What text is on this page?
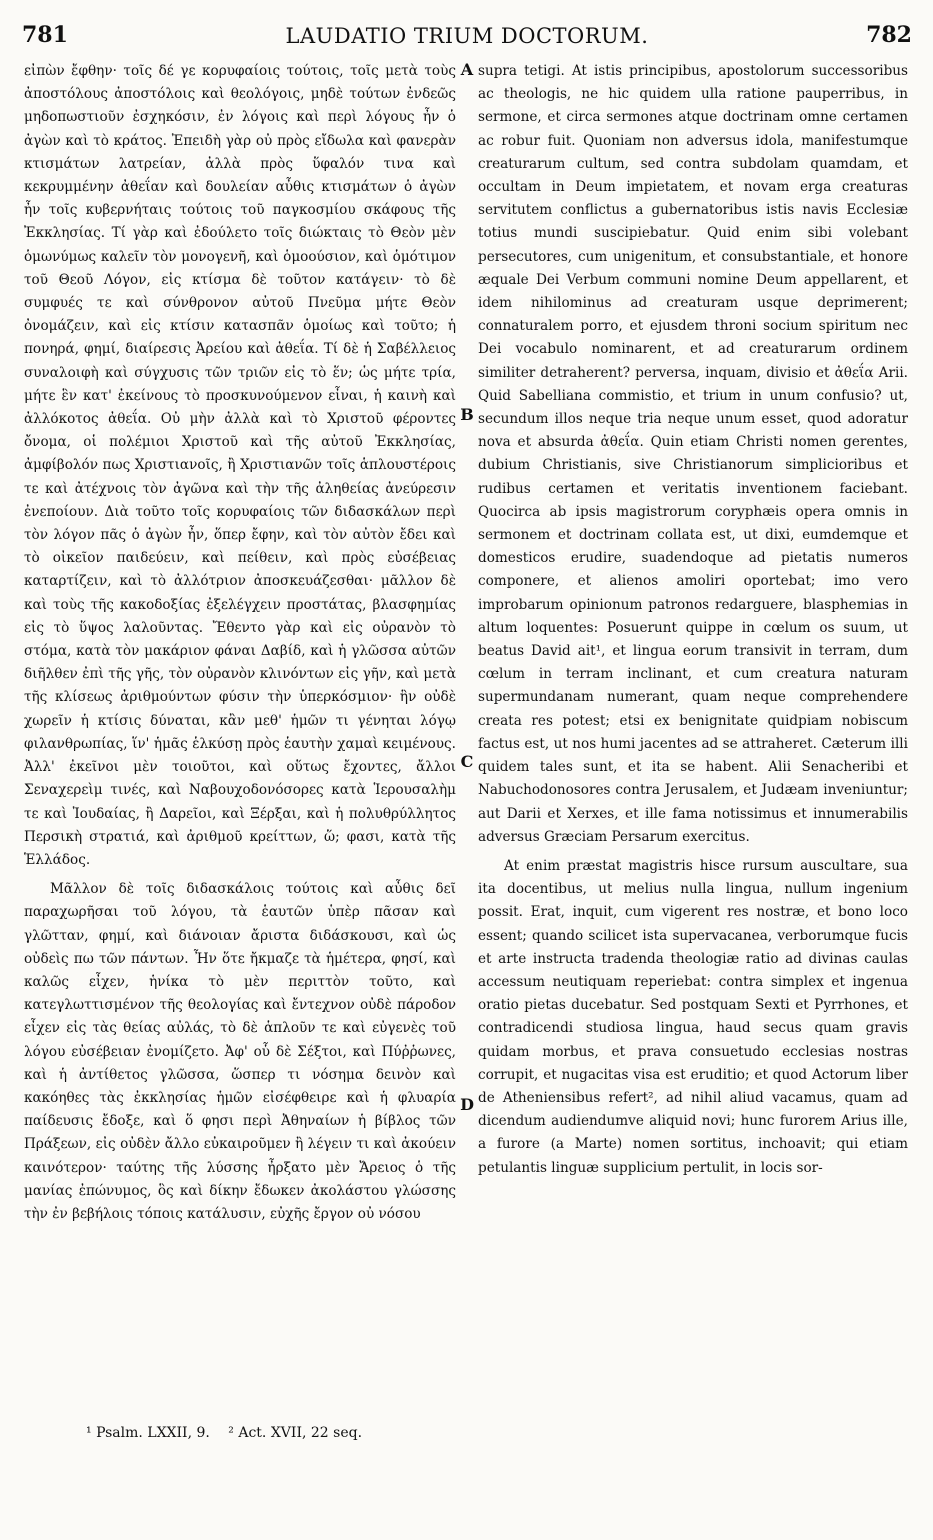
781	LAUDATIO TRIUM DOCTORUM.	782

εἰπὼν ἔφθην· τοῖς δέ γε κορυφαίοις τούτοις, τοῖς μετὰ τοὺς ἀποστόλους ἀποστόλοις καὶ θεολόγοις, μηδὲ τούτων ἐνδεῶς μηδοπωστιοῦν ἐσχηκόσιν, ἐν λόγοις καὶ περὶ λόγους ἦν ὁ ἀγὼν καὶ τὸ κράτος. Ἐπειδὴ γὰρ οὐ πρὸς εἴδωλα καὶ φανερὰν κτισμάτων λατρείαν, ἀλλὰ πρὸς ὕφαλόν τινα καὶ κεκρυμμένην ἀθεΐαν καὶ δουλείαν αὖθις κτισμάτων ὁ ἀγὼν ἦν τοῖς κυβερνήταις τούτοις τοῦ παγκοσμίου σκάφους τῆς Ἐκκλησίας. Τί γὰρ καὶ ἐδούλετο τοῖς διώκταις τὸ Θεὸν μὲν ὁμωνύμως καλεῖν τὸν μονογενῆ, καὶ ὁμοούσιον, καὶ ὁμότιμον τοῦ Θεοῦ Λόγον, εἰς κτίσμα δὲ τοῦτον κατάγειν· τὸ δὲ συμφυές τε καὶ σύνθρονον αὐτοῦ Πνεῦμα μήτε Θεὸν ὀνομάζειν, καὶ εἰς κτίσιν κατασπᾶν ὁμοίως καὶ τοῦτο; ἡ πονηρά, φημί, διαίρεσις Ἀρείου καὶ ἀθεΐα. Τί δὲ ἡ Σαβέλλειος συναλοιφὴ καὶ σύγχυσις τῶν τριῶν εἰς τὸ ἕν; ὡς μήτε τρία, μήτε ἓν κατ' ἐκείνους τὸ προσκυνούμενον εἶναι, ἡ καινὴ καὶ ἀλλόκοτος ἀθεΐα. Οὐ μὴν ἀλλὰ καὶ τὸ Χριστοῦ φέροντες ὄνομα, οἱ πολέμιοι Χριστοῦ καὶ τῆς αὐτοῦ Ἐκκλησίας, ἀμφίβολόν πως Χριστιανοῖς, ἢ Χριστιανῶν τοῖς ἁπλουστέροις τε καὶ ἀτέχνοις τὸν ἀγῶνα καὶ τὴν τῆς ἀληθείας ἀνεύρεσιν ἐνεποίουν. Διὰ τοῦτο τοῖς κορυφαίοις τῶν διδασκάλων περὶ τὸν λόγον πᾶς ὁ ἀγὼν ἦν, ὅπερ ἔφην, καὶ τὸν αὐτὸν ἔδει καὶ τὸ οἰκεῖον παιδεύειν, καὶ πείθειν, καὶ πρὸς εὐσέβειας καταρτίζειν, καὶ τὸ ἀλλότριον ἀποσκευάζεσθαι· μᾶλλον δὲ καὶ τοὺς τῆς κακοδοξίας ἐξελέγχειν προστάτας, βλασφημίας εἰς τὸ ὕψος λαλοῦντας. Ἔθεντο γὰρ καὶ εἰς οὐρανὸν τὸ στόμα, κατὰ τὸν μακάριον φάναι Δαβίδ, καὶ ἡ γλῶσσα αὐτῶν διῆλθεν ἐπὶ τῆς γῆς, τὸν οὐρανὸν κλινόντων εἰς γῆν, καὶ μετὰ τῆς κλίσεως ἀριθμούντων φύσιν τὴν ὑπερκόσμιον· ἣν οὐδὲ χωρεῖν ἡ κτίσις δύναται, κἂν μεθ' ἡμῶν τι γένηται λόγῳ φιλανθρωπίας, ἵν' ἡμᾶς ἑλκύσῃ πρὸς ἑαυτὴν χαμαὶ κειμένους. Ἀλλ' ἐκεῖνοι μὲν τοιοῦτοι, καὶ οὕτως ἔχοντες, ἄλλοι Σεναχερεὶμ τινές, καὶ Ναβουχοδονόσορες κατὰ Ἱερουσαλὴμ τε καὶ Ἰουδαίας, ἢ Δαρεῖοι, καὶ Ξέρξαι, καὶ ἡ πολυθρύλλητος Περσικὴ στρατιά, καὶ ἀριθμοῦ κρείττων, ὥ; φασι, κατὰ τῆς Ἑλλάδος.

Μᾶλλον δὲ τοῖς διδασκάλοις τούτοις καὶ αὖθις δεῖ παραχωρῆσαι τοῦ λόγου, τὰ ἑαυτῶν ὑπὲρ πᾶσαν καὶ γλῶτταν, φημί, καὶ διάνοιαν ἄριστα διδάσκουσι, καὶ ὡς οὐδεὶς πω τῶν πάντων. Ἦν ὅτε ἤκμαζε τὰ ἡμέτερα, φησί, καὶ καλῶς εἶχεν, ἡνίκα τὸ μὲν περιττὸν τοῦτο, καὶ κατεγλωττισμένον τῆς θεολογίας καὶ ἔντεχνον οὐδὲ πάροδον εἶχεν εἰς τὰς θείας αὐλάς, τὸ δὲ ἁπλοῦν τε καὶ εὐγενὲς τοῦ λόγου εὐσέβειαν ἐνομίζετο. Ἀφ' οὗ δὲ Σέξτοι, καὶ Πύῤῥωνες, καὶ ἡ ἀντίθετος γλῶσσα, ὥσπερ τι νόσημα δεινὸν καὶ κακόηθες τὰς ἐκκλησίας ἡμῶν εἰσέφθειρε καὶ ἡ φλυαρία παίδευσις ἔδοξε, καὶ ὅ φησι περὶ Ἀθηναίων ἡ βίβλος τῶν Πράξεων, εἰς οὐδὲν ἄλλο εὐκαιροῦμεν ἢ λέγειν τι καὶ ἀκούειν καινότερον· ταύτης τῆς λύσσης ἦρξατο μὲν Ἄρειος ὁ τῆς μανίας ἐπώνυμος, ὃς καὶ δίκην ἔδωκεν ἀκολάστου γλώσσης τὴν ἐν βεβήλοις τόποις κατάλυσιν, εὐχῆς ἔργον οὐ νόσου

A
B
C
D

supra tetigi. At istis principibus, apostolorum successoribus ac theologis, ne hic quidem ulla ratione pauperribus, in sermone, et circa sermones atque doctrinam omne certamen ac robur fuit. Quoniam non adversus idola, manifestumque creaturarum cultum, sed contra subdolam quamdam, et occultam in Deum impietatem, et novam erga creaturas servitutem conflictus a gubernatoribus istis navis Ecclesiæ totius mundi suscipiebatur. Quid enim sibi volebant persecutores, cum unigenitum, et consubstantiale, et honore æquale Dei Verbum communi nomine Deum appellarent, et idem nihilominus ad creaturam usque deprimerent; connaturalem porro, et ejusdem throni socium spiritum nec Dei vocabulo nominarent, et ad creaturarum ordinem similiter detraherent? perversa, inquam, divisio et ἀθεΐα Arii. Quid Sabelliana commistio, et trium in unum confusio? ut, secundum illos neque tria neque unum esset, quod adoratur nova et absurda ἀθεΐα. Quin etiam Christi nomen gerentes, dubium Christianis, sive Christianorum simplicioribus et rudibus certamen et veritatis inventionem faciebant. Quocirca ab ipsis magistrorum coryphæis opera omnis in sermonem et doctrinam collata est, ut dixi, eumdemque et domesticos erudire, suadendoque ad pietatis numeros componere, et alienos amoliri oportebat; imo vero improbarum opinionum patronos redarguere, blasphemias in altum loquentes: Posuerunt quippe in cœlum os suum, ut beatus David ait¹, et lingua eorum transivit in terram, dum cœlum in terram inclinant, et cum creatura naturam supermundanam numerant, quam neque comprehendere creata res potest; etsi ex benignitate quidpiam nobiscum factus est, ut nos humi jacentes ad se attraheret. Cæterum illi quidem tales sunt, et ita se habent. Alii Senacheribi et Nabuchodonosores contra Jerusalem, et Judæam inveniuntur; aut Darii et Xerxes, et ille fama notissimus et innumerabilis adversus Græciam Persarum exercitus.

At enim præstat magistris hisce rursum auscultare, sua ita docentibus, ut melius nulla lingua, nullum ingenium possit. Erat, inquit, cum vigerent res nostræ, et bono loco essent; quando scilicet ista supervacanea, verborumque fucis et arte instructa tradenda theologiæ ratio ad divinas caulas accessum neutiquam reperiebat: contra simplex et ingenua oratio pietas ducebatur. Sed postquam Sexti et Pyrrhones, et contradicendi studiosa lingua, haud secus quam gravis quidam morbus, et prava consuetudo ecclesias nostras corrupit, et nugacitas visa est eruditio; et quod Actorum liber de Atheniensibus refert², ad nihil aliud vacamus, quam ad dicendum audiendumve aliquid novi; hunc furorem Arius ille, a furore (a Marte) nomen sortitus, inchoavit; qui etiam petulantis linguæ supplicium pertulit, in locis sor-

¹ Psalm. LXXII, 9. ² Act. XVII, 22 seq.
